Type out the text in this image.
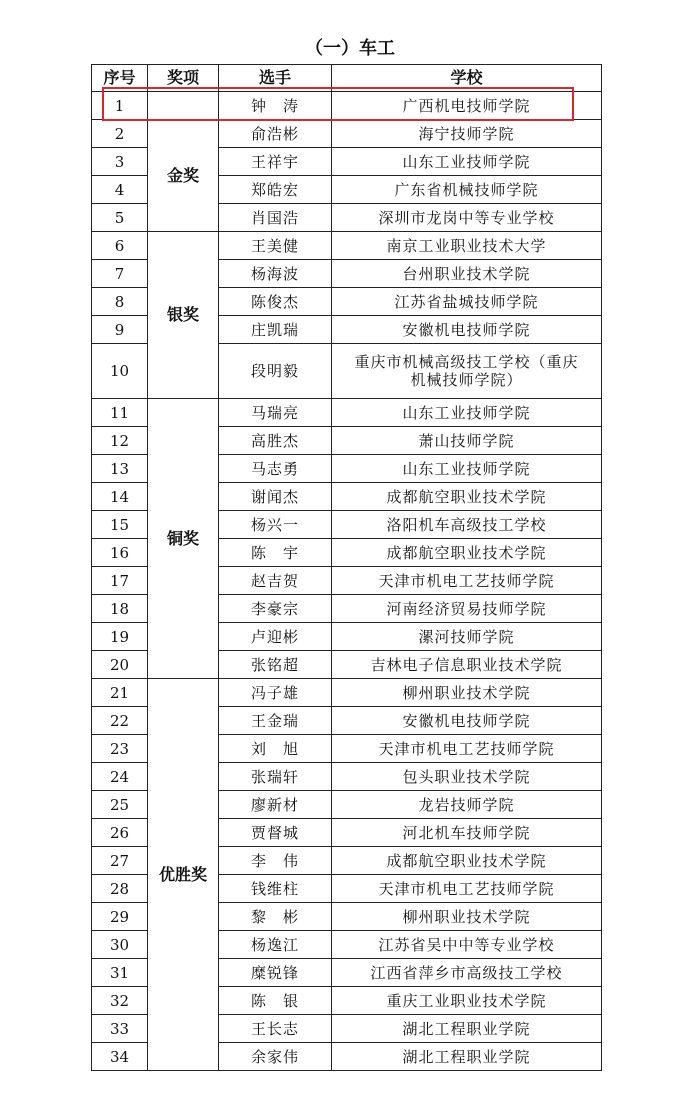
（一）车工
序号	奖项	选手	学校
1		钟　涛	广西机电技师学院
2	金奖	俞浩彬	海宁技师学院
3		王祥宇	山东工业技师学院
4		郑皓宏	广东省机械技师学院
5		肖国浩	深圳市龙岗中等专业学校
6	银奖	王美健	南京工业职业技术大学
7		杨海波	台州职业技术学院
8		陈俊杰	江苏省盐城技师学院
9		庄凯瑞	安徽机电技师学院
10		段明毅	重庆市机械高级技工学校（重庆机械技师学院）
11	铜奖	马瑞亮	山东工业技师学院
12		高胜杰	萧山技师学院
13		马志勇	山东工业技师学院
14		谢闻杰	成都航空职业技术学院
15		杨兴一	洛阳机车高级技工学校
16		陈　宇	成都航空职业技术学院
17		赵吉贺	天津市机电工艺技师学院
18		李豪宗	河南经济贸易技师学院
19		卢迎彬	漯河技师学院
20		张铭超	吉林电子信息职业技术学院
21	优胜奖	冯子雄	柳州职业技术学院
22		王金瑞	安徽机电技师学院
23		刘　旭	天津市机电工艺技师学院
24		张瑞轩	包头职业技术学院
25		廖新材	龙岩技师学院
26		贾督城	河北机车技师学院
27		李　伟	成都航空职业技术学院
28		钱维柱	天津市机电工艺技师学院
29		黎　彬	柳州职业技术学院
30		杨逸江	江苏省吴中中等专业学校
31		糜锐锋	江西省萍乡市高级技工学校
32		陈　银	重庆工业职业技术学院
33		王长志	湖北工程职业学院
34		余家伟	湖北工程职业学院
